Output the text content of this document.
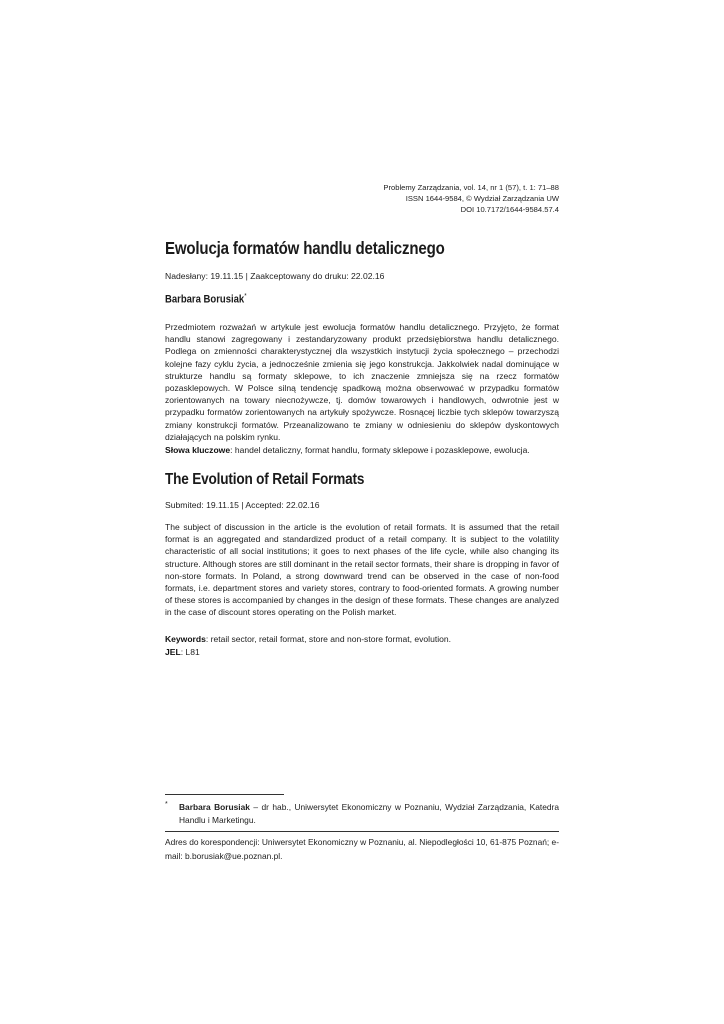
Problemy Zarządzania, vol. 14, nr 1 (57), t. 1: 71–88
ISSN 1644-9584, © Wydział Zarządzania UW
DOI 10.7172/1644-9584.57.4
Ewolucja formatów handlu detalicznego
Nadesłany: 19.11.15 | Zaakceptowany do druku: 22.02.16
Barbara Borusiak*
Przedmiotem rozważań w artykule jest ewolucja formatów handlu detalicznego. Przyjęto, że format handlu stanowi zagregowany i zestandaryzowany produkt przedsiębiorstwa handlu detalicznego. Podlega on zmienności charakterystycznej dla wszystkich instytucji życia społecznego – przechodzi kolejne fazy cyklu życia, a jednocześnie zmienia się jego konstrukcja. Jakkolwiek nadal dominujące w strukturze handlu są formaty sklepowe, to ich znaczenie zmniejsza się na rzecz formatów pozasklepowych. W Polsce silną tendencję spadkową można obserwować w przypadku formatów zorientowanych na towary nieспożywcze, tj. domów towarowych i handlowych, odwrotnie jest w przypadku formatów zorientowanych na artykuły spożywcze. Rosnącej liczbie tych sklepów towarzyszą zmiany konstrukcji formatów. Przeanalizowano te zmiany w odniesieniu do sklepów dyskontowych działających na polskim rynku.
Słowa kluczowe: handel detaliczny, format handlu, formaty sklepowe i pozasklepowe, ewolucja.
The Evolution of Retail Formats
Submited: 19.11.15 | Accepted: 22.02.16
The subject of discussion in the article is the evolution of retail formats. It is assumed that the retail format is an aggregated and standardized product of a retail company. It is subject to the volatility characteristic of all social institutions; it goes to next phases of the life cycle, while also changing its structure. Although stores are still dominant in the retail sector formats, their share is dropping in favor of non-store formats. In Poland, a strong downward trend can be observed in the case of non-food formats, i.e. department stores and variety stores, contrary to food-oriented formats. A growing number of these stores is accompanied by changes in the design of these formats. These changes are analyzed in the case of discount stores operating on the Polish market.
Keywords: retail sector, retail format, store and non-store format, evolution.
JEL: L81
*	Barbara Borusiak – dr hab., Uniwersytet Ekonomiczny w Poznaniu, Wydział Zarządzania, Katedra Handlu i Marketingu.
Adres do korespondencji: Uniwersytet Ekonomiczny w Poznaniu, al. Niepodległości 10, 61-875 Poznań; e-mail: b.borusiak@ue.poznan.pl.
